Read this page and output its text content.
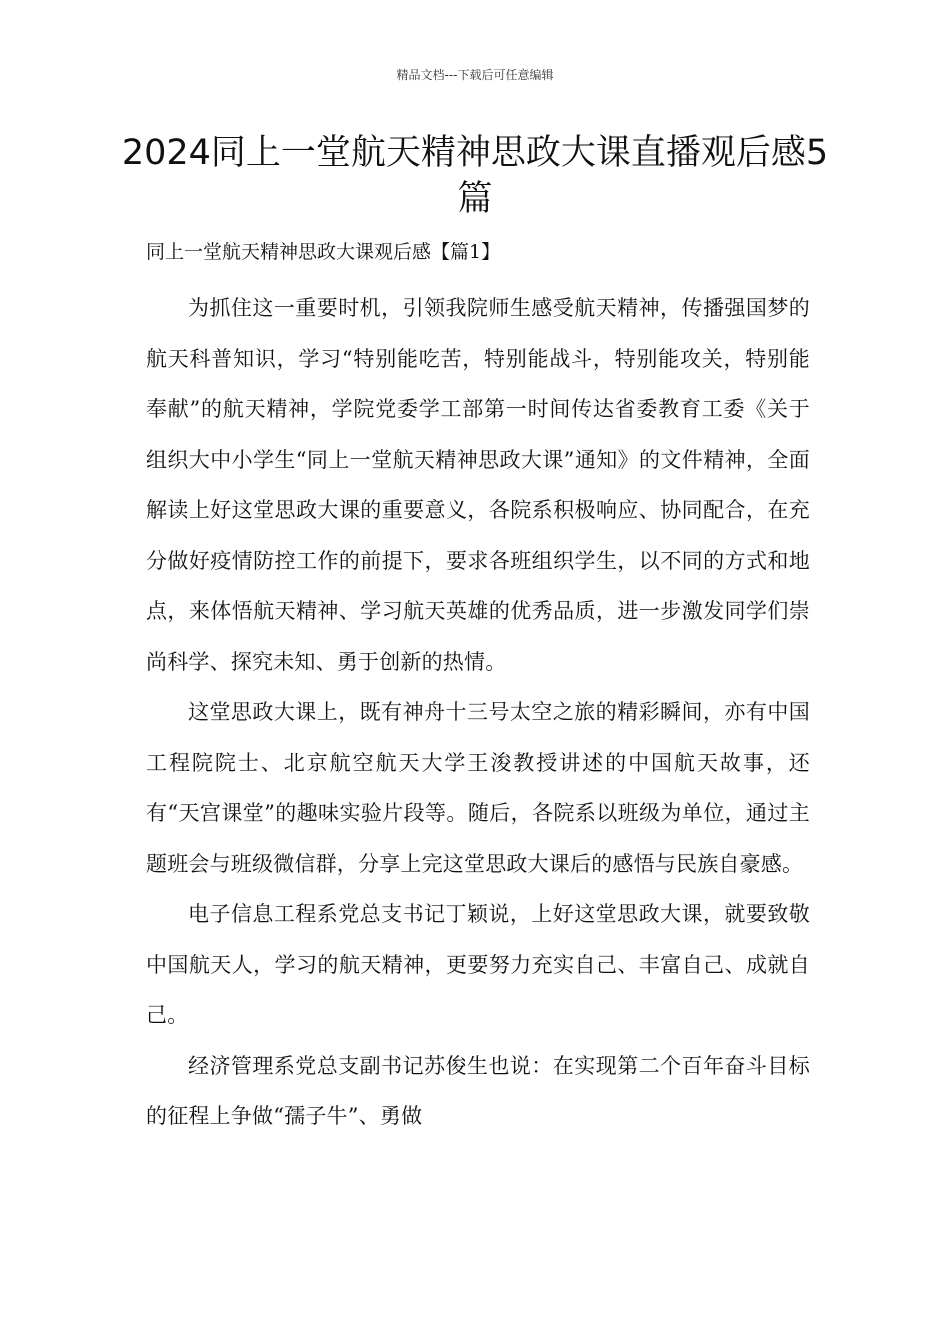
精品文档---下载后可任意编辑
2024同上一堂航天精神思政大课直播观后感5篇
同上一堂航天精神思政大课观后感【篇1】

为抓住这一重要时机，引领我院师生感受航天精神，传播强国梦的航天科普知识，学习“特别能吃苦，特别能战斗，特别能攻关，特别能奉献”的航天精神，学院党委学工部第一时间传达省委教育工委《关于组织大中小学生“同上一堂航天精神思政大课”通知》的文件精神，全面解读上好这堂思政大课的重要意义，各院系积极响应、协同配合，在充分做好疫情防控工作的前提下，要求各班组织学生，以不同的方式和地点，来体悟航天精神、学习航天英雄的优秀品质，进一步激发同学们崇尚科学、探究未知、勇于创新的热情。

这堂思政大课上，既有神舟十三号太空之旅的精彩瞬间，亦有中国工程院院士、北京航空航天大学王浚教授讲述的中国航天故事，还有“天宫课堂”的趣味实验片段等。随后，各院系以班级为单位，通过主题班会与班级微信群，分享上完这堂思政大课后的感悟与民族自豪感。

电子信息工程系党总支书记丁颖说，上好这堂思政大课，就要致敬中国航天人，学习的航天精神，更要努力充实自己、丰富自己、成就自己。

经济管理系党总支副书记苏俊生也说：在实现第二个百年奋斗目标的征程上争做“孺子牛”、勇做
